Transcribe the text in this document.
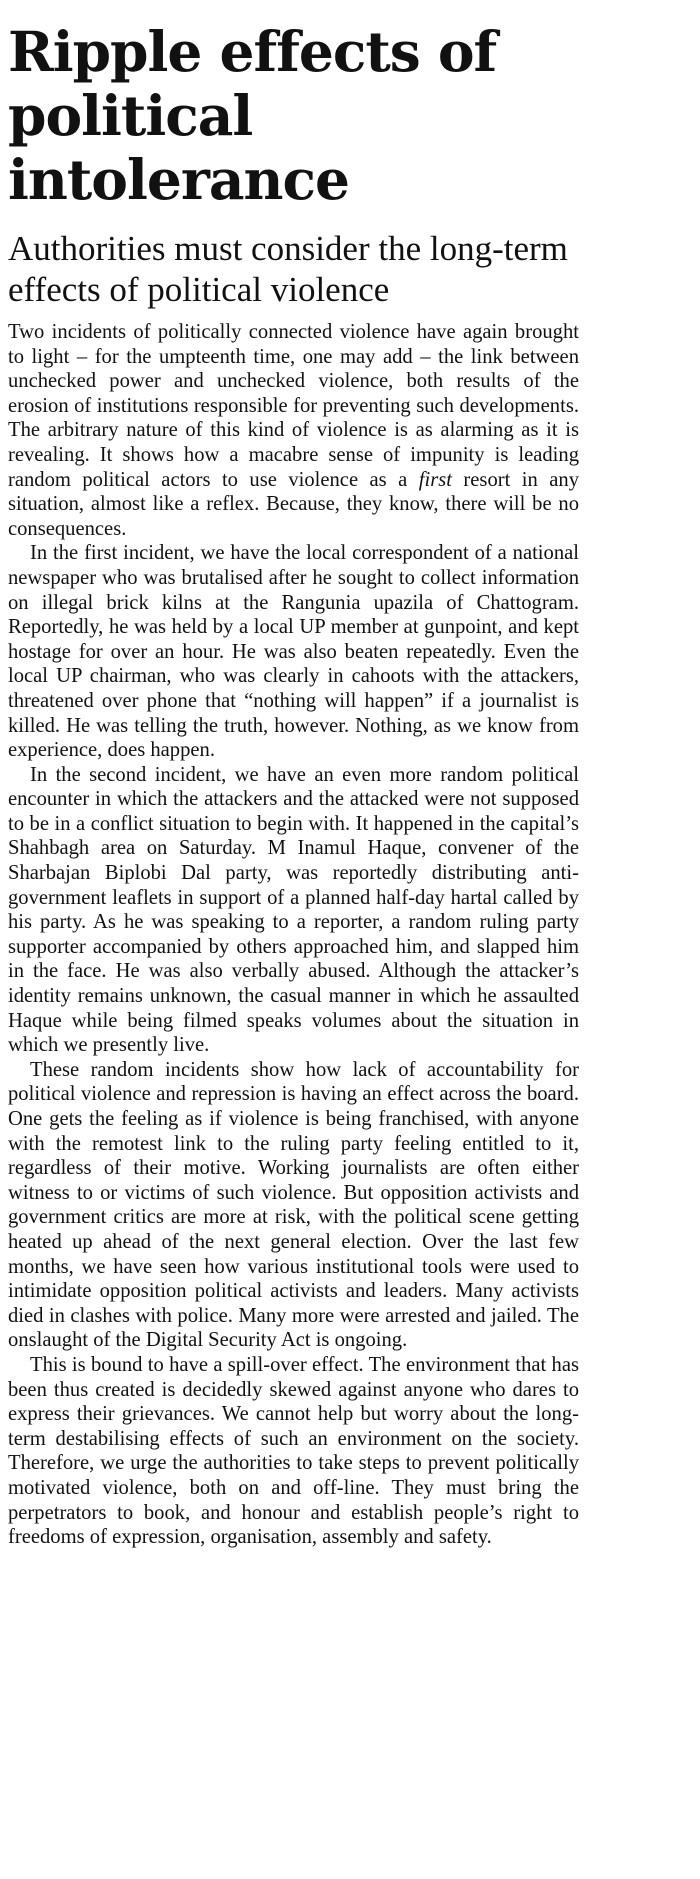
Ripple effects of political intolerance
Authorities must consider the long-term effects of political violence

Two incidents of politically connected violence have again brought to light – for the umpteenth time, one may add – the link between unchecked power and unchecked violence, both results of the erosion of institutions responsible for preventing such developments. The arbitrary nature of this kind of violence is as alarming as it is revealing. It shows how a macabre sense of impunity is leading random political actors to use violence as a first resort in any situation, almost like a reflex. Because, they know, there will be no consequences.

In the first incident, we have the local correspondent of a national newspaper who was brutalised after he sought to collect information on illegal brick kilns at the Rangunia upazila of Chattogram. Reportedly, he was held by a local UP member at gunpoint, and kept hostage for over an hour. He was also beaten repeatedly. Even the local UP chairman, who was clearly in cahoots with the attackers, threatened over phone that “nothing will happen” if a journalist is killed. He was telling the truth, however. Nothing, as we know from experience, does happen.

In the second incident, we have an even more random political encounter in which the attackers and the attacked were not supposed to be in a conflict situation to begin with. It happened in the capital’s Shahbagh area on Saturday. M Inamul Haque, convener of the Sharbajan Biplobi Dal party, was reportedly distributing anti-government leaflets in support of a planned half-day hartal called by his party. As he was speaking to a reporter, a random ruling party supporter accompanied by others approached him, and slapped him in the face. He was also verbally abused. Although the attacker’s identity remains unknown, the casual manner in which he assaulted Haque while being filmed speaks volumes about the situation in which we presently live.

These random incidents show how lack of accountability for political violence and repression is having an effect across the board. One gets the feeling as if violence is being franchised, with anyone with the remotest link to the ruling party feeling entitled to it, regardless of their motive. Working journalists are often either witness to or victims of such violence. But opposition activists and government critics are more at risk, with the political scene getting heated up ahead of the next general election. Over the last few months, we have seen how various institutional tools were used to intimidate opposition political activists and leaders. Many activists died in clashes with police. Many more were arrested and jailed. The onslaught of the Digital Security Act is ongoing.

This is bound to have a spill-over effect. The environment that has been thus created is decidedly skewed against anyone who dares to express their grievances. We cannot help but worry about the long-term destabilising effects of such an environment on the society. Therefore, we urge the authorities to take steps to prevent politically motivated violence, both on and off-line. They must bring the perpetrators to book, and honour and establish people’s right to freedoms of expression, organisation, assembly and safety.
